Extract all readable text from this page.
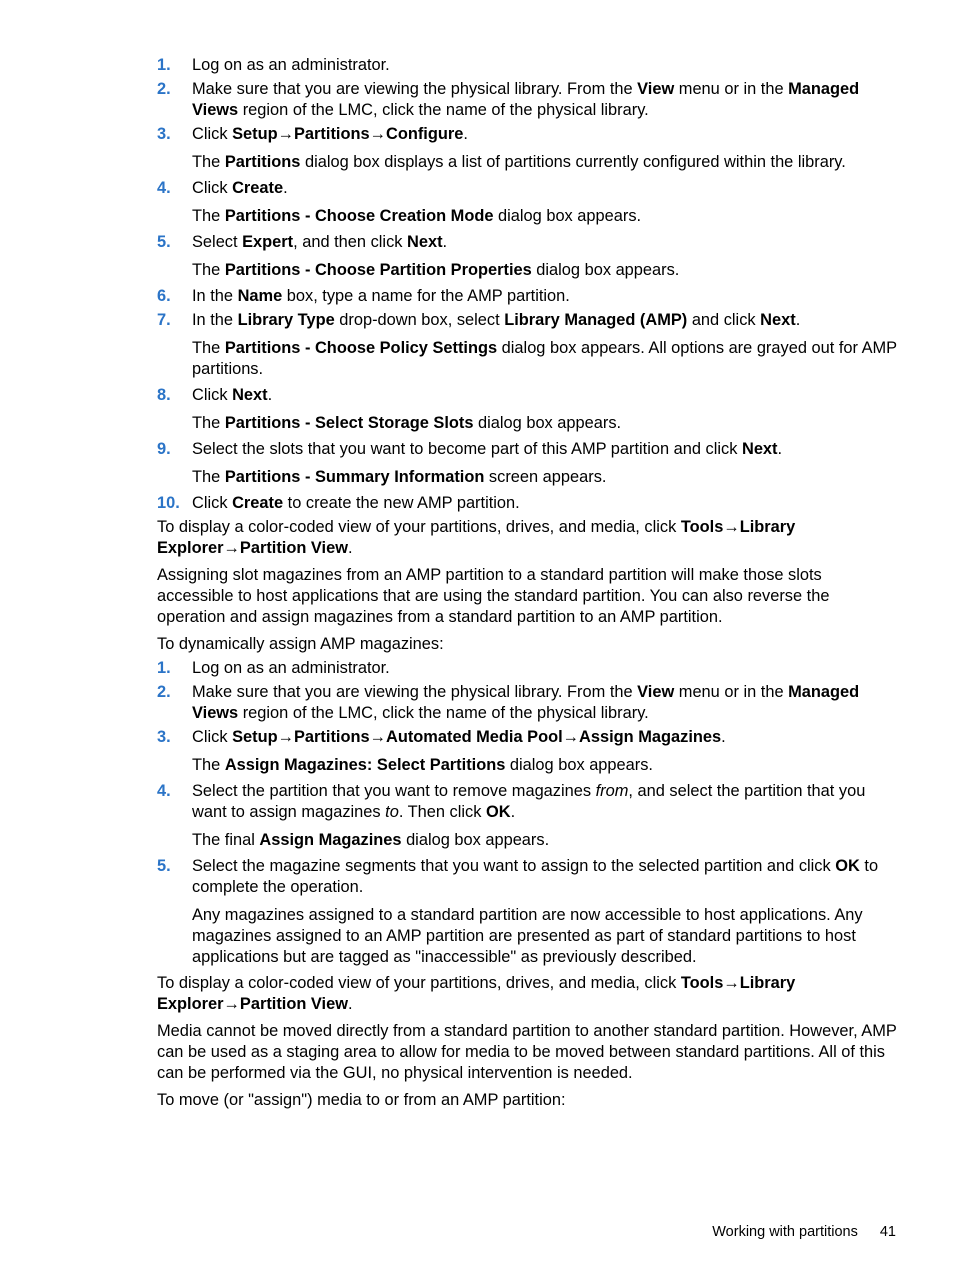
1.	Log on as an administrator.

2.	Make sure that you are viewing the physical library. From the View menu or in the Managed Views region of the LMC, click the name of the physical library.

3.	Click Setup→Partitions→Configure.

The Partitions dialog box displays a list of partitions currently configured within the library.

4.	Click Create.

The Partitions - Choose Creation Mode dialog box appears.

5.	Select Expert, and then click Next.

The Partitions - Choose Partition Properties dialog box appears.

6.	In the Name box, type a name for the AMP partition.

7.	In the Library Type drop-down box, select Library Managed (AMP) and click Next.

The Partitions - Choose Policy Settings dialog box appears. All options are grayed out for AMP partitions.

8.	Click Next.

The Partitions - Select Storage Slots dialog box appears.

9.	Select the slots that you want to become part of this AMP partition and click Next.

The Partitions - Summary Information screen appears.

10. Click Create to create the new AMP partition.

To display a color-coded view of your partitions, drives, and media, click Tools→Library Explorer→Partition View.

Assigning slot magazines from an AMP partition to a standard partition will make those slots accessible to host applications that are using the standard partition. You can also reverse the operation and assign magazines from a standard partition to an AMP partition.

To dynamically assign AMP magazines:

1.	Log on as an administrator.

2.	Make sure that you are viewing the physical library. From the View menu or in the Managed Views region of the LMC, click the name of the physical library.

3.	Click Setup→Partitions→Automated Media Pool→Assign Magazines.

The Assign Magazines: Select Partitions dialog box appears.

4.	Select the partition that you want to remove magazines from, and select the partition that you want to assign magazines to. Then click OK.

The final Assign Magazines dialog box appears.

5.	Select the magazine segments that you want to assign to the selected partition and click OK to complete the operation.

Any magazines assigned to a standard partition are now accessible to host applications. Any magazines assigned to an AMP partition are presented as part of standard partitions to host applications but are tagged as "inaccessible" as previously described.

To display a color-coded view of your partitions, drives, and media, click Tools→Library Explorer→Partition View.

Media cannot be moved directly from a standard partition to another standard partition. However, AMP can be used as a staging area to allow for media to be moved between standard partitions. All of this can be performed via the GUI, no physical intervention is needed.

To move (or "assign") media to or from an AMP partition:

Working with partitions 41
